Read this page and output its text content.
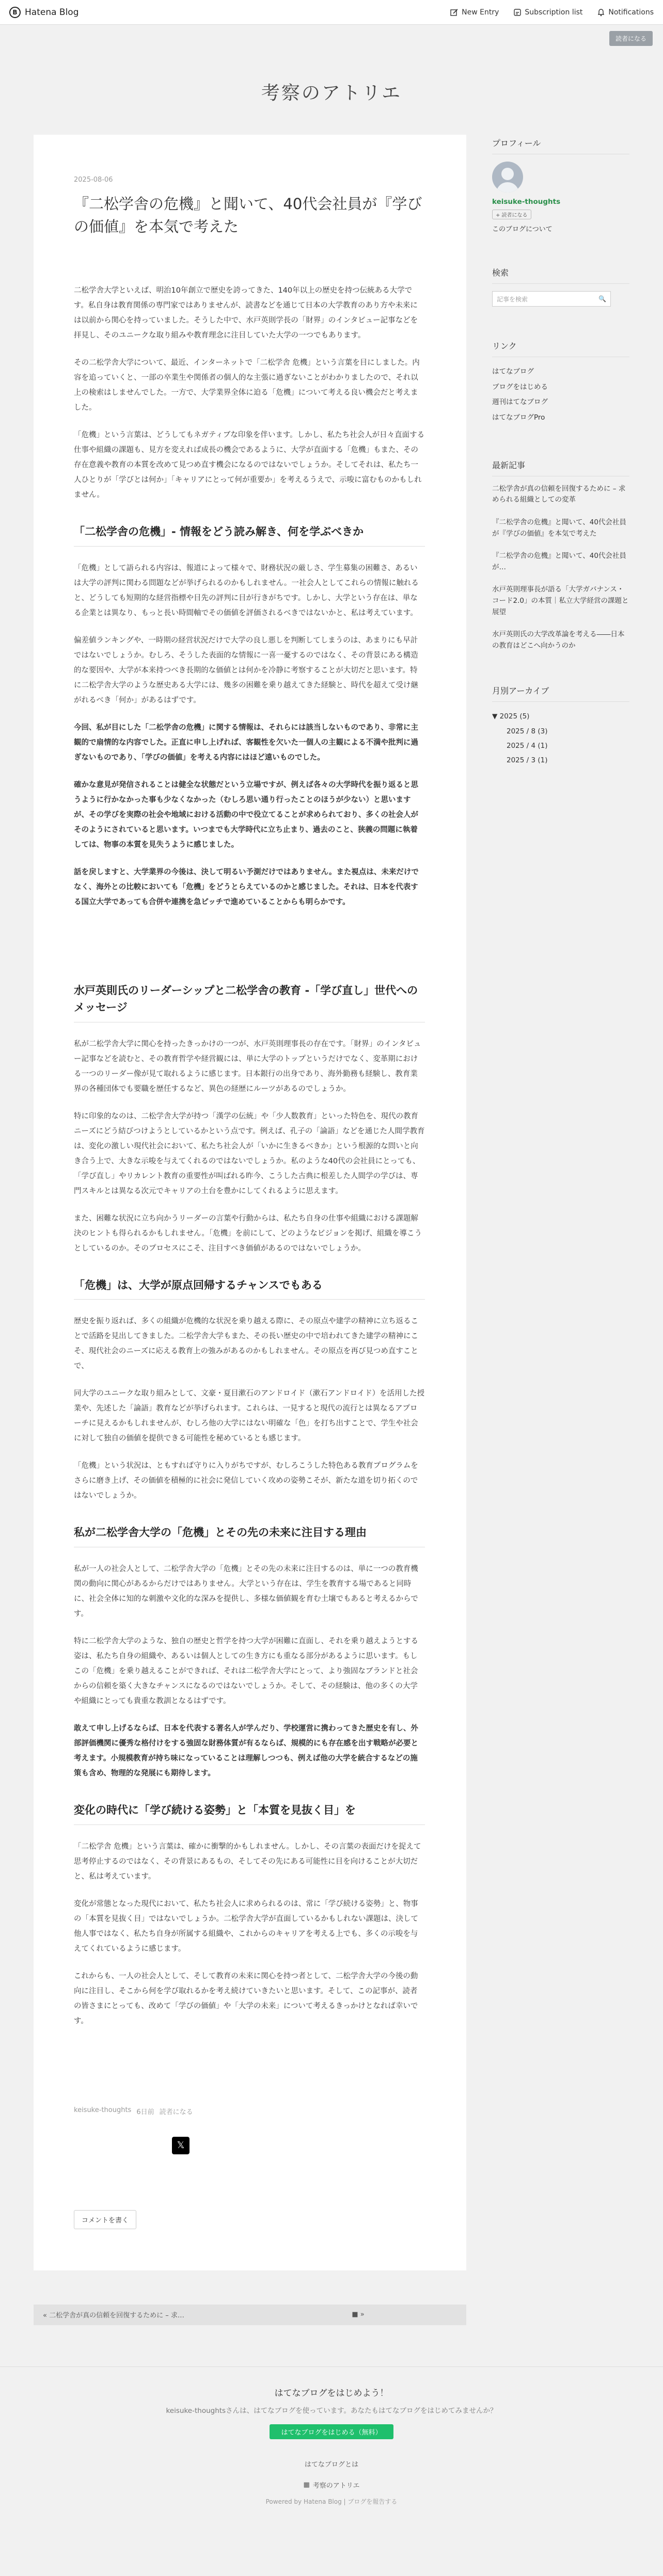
B Hatena Blog	New Entry	Subscription list	Notifications
読者になる
考察のアトリエ
2025-08-06
『二松学舎の危機』と聞いて、40代会社員が『学びの価値』を本気で考えた

二松学舎大学といえば、明治10年創立で歴史を誇ってきた、140年以上の歴史を持つ伝統ある大学です。私自身は教育関係の専門家ではありませんが、読書などを通じて日本の大学教育のあり方や未来には以前から関心を持っていました。そうした中で、水戸英則学長の「財界」のインタビュー記事などを拝見し、そのユニークな取り組みや教育理念に注目していた大学の一つでもあります。

その二松学舎大学について、最近、インターネットで「二松学舎 危機」という言葉を目にしました。内容を追っていくと、一部の卒業生や関係者の個人的な主張に過ぎないことがわかりましたので、それ以上の検索はしませんでした。一方で、大学業界全体に迫る「危機」について考える良い機会だと考えました。

「危機」という言葉は、どうしてもネガティブな印象を伴います。しかし、私たち社会人が日々直面する仕事や組織の課題も、見方を変えれば成長の機会であるように、大学が直面する「危機」もまた、その存在意義や教育の本質を改めて見つめ直す機会になるのではないでしょうか。そしてそれは、私たち一人ひとりが「学びとは何か」「キャリアにとって何が重要か」を考えるうえで、示唆に富むものかもしれません。

「二松学舎の危機」- 情報をどう読み解き、何を学ぶべきか

「危機」として語られる内容は、報道によって様々で、財務状況の厳しさ、学生募集の困難さ、あるいは大学の評判に関わる問題などが挙げられるのかもしれません。一社会人としてこれらの情報に触れると、どうしても短期的な経営指標や目先の評判に目が行きがちです。しかし、大学という存在は、単なる企業とは異なり、もっと長い時間軸でその価値を評価されるべきではないかと、私は考えています。

偏差値ランキングや、一時期の経営状況だけで大学の良し悪しを判断してしまうのは、あまりにも早計ではないでしょうか。むしろ、そうした表面的な情報に一喜一憂するのではなく、その背景にある構造的な要因や、大学が本来持つべき長期的な価値とは何かを冷静に考察することが大切だと思います。特に二松学舎大学のような歴史ある大学には、幾多の困難を乗り越えてきた経験と、時代を超えて受け継がれるべき「何か」があるはずです。

今回、私が目にした「二松学舎の危機」に関する情報は、それらには該当しないものであり、非常に主観的で扇情的な内容でした。正直に申し上げれば、客観性を欠いた一個人の主観による不満や批判に過ぎないものであり、「学びの価値」を考える内容にはほど遠いものでした。

確かな意見が発信されることは健全な状態だという立場ですが、例えば各々の大学時代を振り返ると思うように行かなかった事も少なくなかった（むしろ思い通り行ったことのほうが少ない）と思いますが、その学びを実際の社会や地域における活動の中で役立てることが求められており、多くの社会人がそのようにされていると思います。いつまでも大学時代に立ち止まり、過去のこと、狭義の問題に執着しては、物事の本質を見失うように感じました。

話を戻しますと、大学業界の今後は、決して明るい予測だけではありません。また視点は、未来だけでなく、海外との比較においても「危機」をどうとらえているのかと感じました。それは、日本を代表する国立大学であっても合併や連携を急ピッチで進めていることからも明らかです。

水戸英則氏のリーダーシップと二松学舎の教育 -「学び直し」世代へのメッセージ

私が二松学舎大学に関心を持ったきっかけの一つが、水戸英則理事長の存在です。「財界」のインタビュー記事などを読むと、その教育哲学や経営観には、単に大学のトップというだけでなく、変革期における一つのリーダー像が見て取れるように感じます。日本銀行の出身であり、海外勤務も経験し、教育業界の各種団体でも要職を歴任するなど、異色の経歴にルーツがあるのでしょうか。

特に印象的なのは、二松学舎大学が持つ「漢学の伝統」や「少人数教育」といった特色を、現代の教育ニーズにどう結びつけようとしているかという点です。例えば、孔子の「論語」などを通じた人間学教育は、変化の激しい現代社会において、私たち社会人が「いかに生きるべきか」という根源的な問いと向き合う上で、大きな示唆を与えてくれるのではないでしょうか。私のような40代の会社員にとっても、「学び直し」やリカレント教育の重要性が叫ばれる昨今、こうした古典に根差した人間学の学びは、専門スキルとは異なる次元でキャリアの土台を豊かにしてくれるように思えます。

また、困難な状況に立ち向かうリーダーの言葉や行動からは、私たち自身の仕事や組織における課題解決のヒントも得られるかもしれません。「危機」を前にして、どのようなビジョンを掲げ、組織を導こうとしているのか。そのプロセスにこそ、注目すべき価値があるのではないでしょうか。

「危機」は、大学が原点回帰するチャンスでもある

歴史を振り返れば、多くの組織が危機的な状況を乗り越える際に、その原点や建学の精神に立ち返ることで活路を見出してきました。二松学舎大学もまた、その長い歴史の中で培われてきた建学の精神にこそ、現代社会のニーズに応える教育上の強みがあるのかもしれません。その原点を再び見つめ直すことで、

同大学のユニークな取り組みとして、文豪・夏目漱石のアンドロイド（漱石アンドロイド）を活用した授業や、先述した「論語」教育などが挙げられます。これらは、一見すると現代の流行とは異なるアプローチに見えるかもしれませんが、むしろ他の大学にはない明確な「色」を打ち出すことで、学生や社会に対して独自の価値を提供できる可能性を秘めているとも感じます。

「危機」という状況は、ともすれば守りに入りがちですが、むしろこうした特色ある教育プログラムをさらに磨き上げ、その価値を積極的に社会に発信していく攻めの姿勢こそが、新たな道を切り拓くのではないでしょうか。

私が二松学舎大学の「危機」とその先の未来に注目する理由

私が一人の社会人として、二松学舎大学の「危機」とその先の未来に注目するのは、単に一つの教育機関の動向に関心があるからだけではありません。大学という存在は、学生を教育する場であると同時に、社会全体に知的な刺激や文化的な深みを提供し、多様な価値観を育む土壌でもあると考えるからです。

特に二松学舎大学のような、独自の歴史と哲学を持つ大学が困難に直面し、それを乗り越えようとする姿は、私たち自身の組織や、あるいは個人としての生き方にも重なる部分があるように思います。もしこの「危機」を乗り越えることができれば、それは二松学舎大学にとって、より強固なブランドと社会からの信頼を築く大きなチャンスになるのではないでしょうか。そして、その経験は、他の多くの大学や組織にとっても貴重な教訓となるはずです。

敢えて申し上げるならば、日本を代表する著名人が学んだり、学校運営に携わってきた歴史を有し、外部評価機関に優秀な格付けをする強固な財務体質が有るならば、規模的にも存在感を出す戦略が必要と考えます。小規模教育が持ち味になっていることは理解しつつも、例えば他の大学を統合するなどの施策も含め、物理的な発展にも期待します。

変化の時代に「学び続ける姿勢」と「本質を見抜く目」を

「二松学舎 危機」という言葉は、確かに衝撃的かもしれません。しかし、その言葉の表面だけを捉えて思考停止するのではなく、その背景にあるもの、そしてその先にある可能性に目を向けることが大切だと、私は考えています。

変化が常態となった現代において、私たち社会人に求められるのは、常に「学び続ける姿勢」と、物事の「本質を見抜く目」ではないでしょうか。二松学舎大学が直面しているかもしれない課題は、決して他人事ではなく、私たち自身が所属する組織や、これからのキャリアを考える上でも、多くの示唆を与えてくれているように感じます。

これからも、一人の社会人として、そして教育の未来に関心を持つ者として、二松学舎大学の今後の動向に注目し、そこから何を学び取れるかを考え続けていきたいと思います。そして、この記事が、読者の皆さまにとっても、改めて「学びの価値」や「大学の未来」について考えるきっかけとなれば幸いです。

keisuke-thoughts 6日前 読者になる
𝕏
コメントを書く
« 二松学舎が真の信頼を回復するために – 求…	■ »
プロフィール
keisuke-thoughts
+ 読者になる
このブログについて
検索
記事を検索	🔍
リンク
はてなブログ
ブログをはじめる
週刊はてなブログ
はてなブログPro
最新記事
二松学舎が真の信頼を回復するために – 求められる組織としての変革
『二松学舎の危機』と聞いて、40代会社員が『学びの価値』を本気で考えた
『二松学舎の危機』と聞いて、40代会社員が…
水戸英則理事長が語る「大学ガバナンス・コード2.0」の本質｜私立大学経営の課題と展望
水戸英則氏の大学改革論を考える――日本の教育はどこへ向かうのか
月別アーカイブ
▼ 2025 (5)
2025 / 8 (3)
2025 / 4 (1)
2025 / 3 (1)
はてなブログをはじめよう！
keisuke-thoughtsさんは、はてなブログを使っています。あなたもはてなブログをはじめてみませんか？
はてなブログをはじめる（無料）
はてなブログとは
▦ 考察のアトリエ
Powered by Hatena Blog | ブログを報告する
